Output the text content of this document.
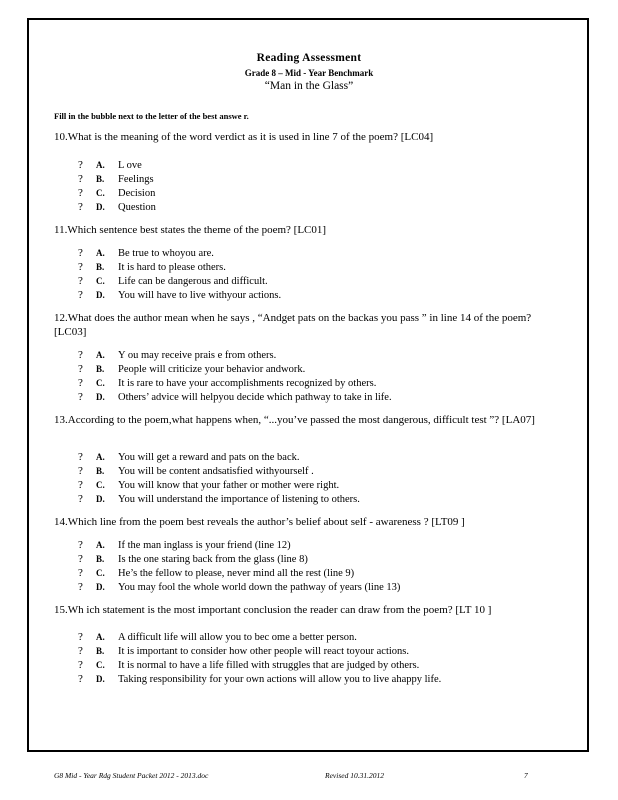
Reading Assessment
Grade 8 – Mid - Year Benchmark
“Man in the Glass”
Fill in the bubble next to the letter of the best answe r.
10.What is the meaning of the word verdict as it is used in line 7 of the poem? [LC04]
? A. L ove
? B. Feelings
? C. Decision
? D. Question
11.Which sentence best states the theme of the poem? [LC01]
? A. Be true to whoyou are.
? B. It is hard to please others.
? C. Life can be dangerous and difficult.
? D. You will have to live withyour actions.
12.What does the author mean when he says , “Andget pats on the backas you pass ” in line 14 of the poem? [LC03]
? A. Y ou may receive prais e from others.
? B. People will criticize your behavior andwork.
? C. It is rare to have your accomplishments recognized by others.
? D. Others’ advice will helpyou decide which pathway to take in life.
13.According to the poem,what happens when, “...you’ve passed the most dangerous, difficult test ”? [LA07]
? A. You will get a reward and pats on the back.
? B. You will be content andsatisfied withyourself .
? C. You will know that your father or mother were right.
? D. You will understand the importance of listening to others.
14.Which line from the poem best reveals the author’s belief about self - awareness ? [LT09 ]
? A. If the man inglass is your friend (line 12)
? B. Is the one staring back from the glass (line 8)
? C. He’s the fellow to please, never mind all the rest (line 9)
? D. You may fool the whole world down the pathway of years (line 13)
15.Wh ich statement is the most important conclusion the reader can draw from the poem? [LT 10 ]
? A. A difficult life will allow you to bec ome a better person.
? B. It is important to consider how other people will react toyour actions.
? C. It is normal to have a life filled with struggles that are judged by others.
? D. Taking responsibility for your own actions will allow you to live ahappy life.
G8 Mid - Year Rdg Student Packet 2012 - 2013.doc	Revised 10.31.2012	7
